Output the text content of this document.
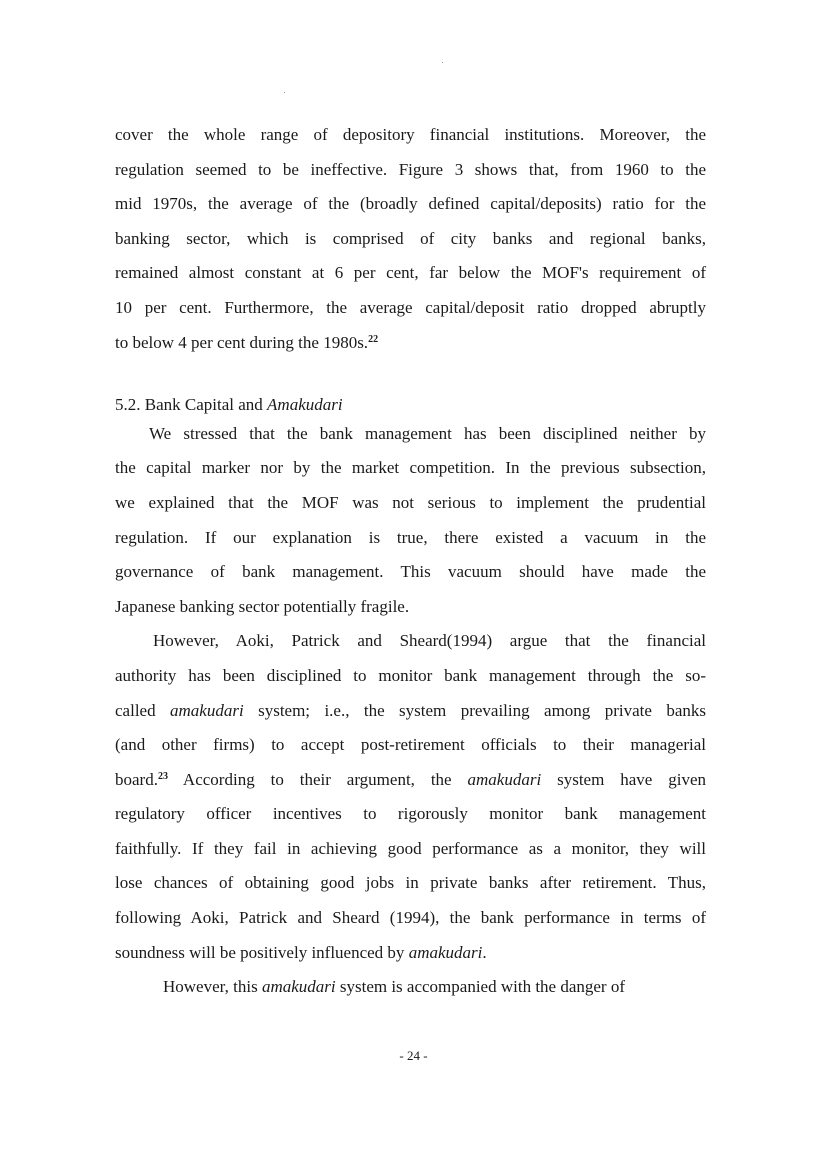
cover the whole range of depository financial institutions. Moreover, the
regulation seemed to be ineffective. Figure 3 shows that, from 1960 to the
mid 1970s, the average of the (broadly defined capital/deposits) ratio for the
banking sector, which is comprised of city banks and regional banks,
remained almost constant at 6 per cent, far below the MOF's requirement of
10 per cent. Furthermore, the average capital/deposit ratio dropped abruptly
to below 4 per cent during the 1980s.$^{22}$

5.2. Bank Capital and Amakudari

We stressed that the bank management has been disciplined neither by
the capital marker nor by the market competition. In the previous subsection,
we explained that the MOF was not serious to implement the prudential
regulation. If our explanation is true, there existed a vacuum in the
governance of bank management. This vacuum should have made the
Japanese banking sector potentially fragile.
However, Aoki, Patrick and Sheard(1994) argue that the financial
authority has been disciplined to monitor bank management through the so-
called amakudari system; i.e., the system prevailing among private banks
(and other firms) to accept post-retirement officials to their managerial
board.$^{23}$ According to their argument, the amakudari system have given
regulatory officer incentives to rigorously monitor bank management
faithfully. If they fail in achieving good performance as a monitor, they will
lose chances of obtaining good jobs in private banks after retirement. Thus,
following Aoki, Patrick and Sheard (1994), the bank performance in terms of
soundness will be positively influenced by amakudari.
However, this amakudari system is accompanied with the danger of
- 24 -
